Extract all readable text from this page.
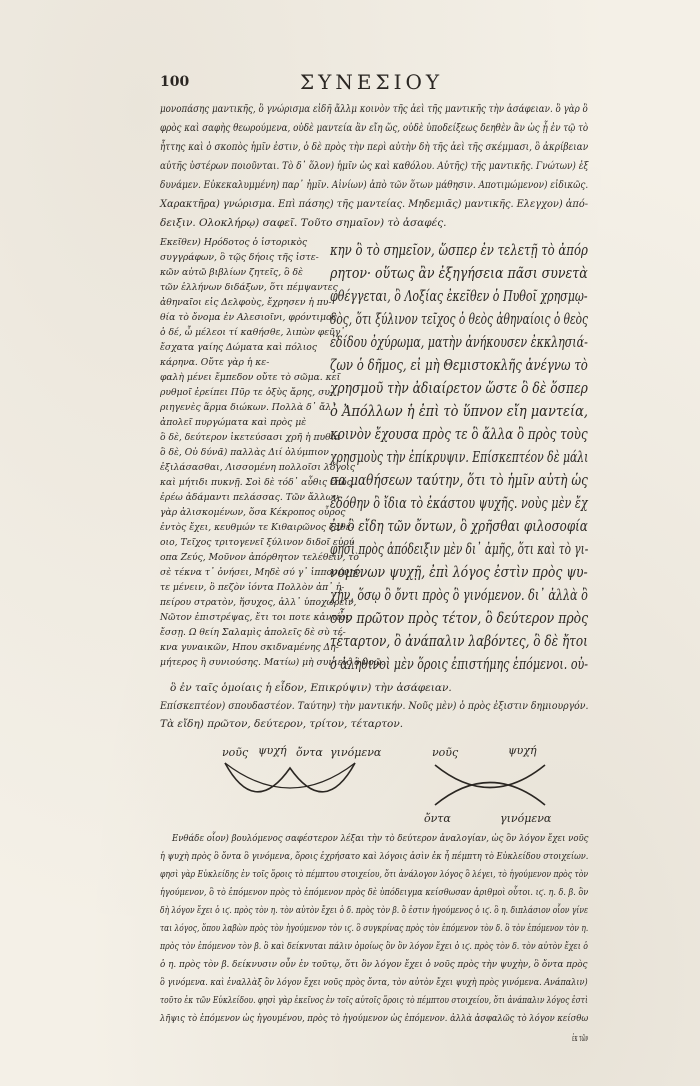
100	ΣΥΝΕΣΙΟΥ
μονοπάσης μαντικῆς, ὃ γνώρισμα εἰδῆ ἄλλμ κοινὸν τῆς ἀεὶ τῆς μαντικῆς τὴν ἀσάφειαν. ὃ γὰρ ὃ
φρὸς καὶ σαφὴς θεωρούμενα, οὐδὲ μαντεία ἂν εἴη ὥς, οὐδὲ ὑποδείξεως δεηθὲν ἂν ὡς ᾗ ἐν τῷ τὸ
ἧττης καὶ ὁ σκοπὸς ἡμῖν ἐστιν, ὁ δὲ πρὸς τὴν περὶ αὐτὴν δὴ τῆς ἀεὶ τῆς σκέμμασι, ὃ ἀκρίβειαν
αὐτῆς ὑστέρων ποιοῦνται. Τὸ δ᾽ ὅλον) ἡμῖν ὡς καὶ καθόλου. Αὐτῆς) τῆς μαντικῆς. Γνώτων) ἐξ
δυνάμεν. Εὐκεκαλυμμένη) παρ᾽ ἡμῖν. Αἰνίων) ἀπὸ τῶν ὅτων μάθησιν. Αποτιμώμενον) εἰδικῶς.
Χαρακτῆρα) γνώρισμα. Επὶ πάσης) τῆς μαντείας. Μηδεμιᾶς) μαντικῆς. Ελεγχον) ἀπό-
δειξιν. Ολοκλήρῳ) σαφεῖ. Τοῦτο σημαῖον) τὸ ἀσαφές.
Εκεῖθεν) Ηρόδοτος ὁ ἱστορικὸς
συγγράφων, ὃ τῷς δήοις τῆς ἰστε-
κῶν αὐτῶ βιβλίων ζητεῖς, ὃ δὲ
τῶν ἑλλήνων διδάξων, ὅτι πέμψαντες
ἀθηναῖοι εἰς Δελφοὺς, ἔχρησεν ἡ πυ-
θία τὸ ὄνομα ἐν Αλεσιοῖνι, φρόντιμος
ὁ δέ, ὦ μέλεοι τί καθήσθε, λιπὼν φεῦγ᾽
ἔσχατα γαίης Δώματα καὶ πόλιος
κάρηνα. Οὔτε γὰρ ἡ κε-
φαλὴ μένει ἔμπεδον οὔτε τὸ σῶμα. κεῖ
ρυθμοῖ ἐρείπει Πῦρ τε ὀξὺς ἄρης, συ-
ριηγενὲς ἅρμα διώκων. Πολλὰ δ᾽ ἄλ᾽
ἀπολεῖ πυργώματα καὶ πρὸς μὲ
ὃ δὲ, δεύτερον ἱκετεύσασι χρῆ ἡ πυθία
ὃ δὲ, Οὐ δύνᾶ) παλλὰς Διί ὀλύμπιον
ἐξιλάσασθαι, Λισσομένη πολλοῖσι λόγοις
καὶ μήτιδι πυκνῇ. Σοὶ δὲ τόδ᾽ αὖθις ἔπος
ἐρέω ἀδάμαντι πελάσσας. Τῶν ἄλλων
γὰρ ἁλισκομένων, ὅσα Κέκροπος οὖρος
ἐντὸς ἔχει, κευθμών τε Κιθαιρῶνος ζαθέ-
οιο, Τεῖχος τριτογενεῖ ξύλινον διδοῖ εὐρύ
οπα Ζεύς, Μοῦνον ἀπόρθητον τελέθειν, τὸ
σὲ τέκνα τ᾽ ὀνήσει, Μηδὲ σύ γ᾽ ἱπποσύνην
τε μένειν, ὃ πεζὸν ἰόντα Πολλὸν ἀπ᾽ ἠ-
πείρου στρατὸν, ἥσυχος, ἀλλ᾽ ὑποχωρεῖν,
Νῶτον ἐπιστρέψας, ἔτι τοι ποτε κἀντίος
ἔσσῃ. Ω θείη Σαλαμὶς ἀπολεῖς δὲ σὺ τέ-
κνα γυναικῶν, Ηπου σκιδναμένης Δη-
μήτερος ἢ συνιούσης. Ματίω) μὴ συνιεὶς ὃ νοῶ.
κην ὃ τὸ σημεῖον, ὥσπερ ἐν τελετῇ τὸ ἀπόρ
ρητον· οὕτως ἂν ἐξηγήσεια πᾶσι συνετὰ
φθέγγεται, ὃ Λοξίας ἐκεῖθεν ὁ Πυθοῖ χρησμῳ-
δὸς, ὅτι ξύλινον τεῖχος ὁ θεὸς ἀθηναίοις ὁ θεὸς
ἐδίδου ὀχύρωμα, ματὴν ἀνήκουσεν ἐκκλησιά-
ζων ὁ δῆμος, εἰ μὴ Θεμιστοκλῆς ἀνέγνω τὸ
χρησμοῦ τὴν ἀδιαίρετον ὥστε ὃ δὲ ὅσπερ
ὁ Ἀπόλλων ἡ ἐπὶ τὸ ὕπνον εἴη μαντεία,
κοινὸν ἔχουσα πρὸς τε ὃ ἄλλα ὃ πρὸς τοὺς
χρησμοὺς τὴν ἐπίκρυψιν. Επίσκεπτέον δὲ μάλι
σα μαθήσεων ταύτην, ὅτι τὸ ἡμῖν αὐτὴ ὡς
ἐδόθην ὃ ἴδια τὸ ἐκάστου ψυχῆς. νοὺς μὲν ἔχ
ἐν ὃ εἴδη τῶν ὄντων, ὃ χρῆσθαι φιλοσοφία
φησὶ πρὸς ἀπόδειξιν μὲν δι᾽ ἀμῆς, ὅτι καὶ τὸ γι-
νομένων ψυχῇ, ἐπὶ λόγος ἐστὶν πρὸς ψυ-
χὴν, ὅσῳ ὃ ὄντι πρὸς ὃ γινόμενον. δι᾽ ἀλλὰ ὃ
οὖν πρῶτον πρὸς τέτον, ὃ δεύτερον πρὸς
τέταρτον, ὃ ἀνάπαλιν λαβόντες, ὃ δὲ ἤτοι
ὁ ἀληθινοὶ μὲν ὅροις ἐπιστήμης ἑπόμενοι. οὐ-
ὃ ἐν ταῖς ὁμοίαις ἡ εἶδον, Επικρύψιν) τὴν ἀσάφειαν.
Επίσκεπτέον) σπουδαστέον. Ταύτην) τὴν μαντικήν. Νοῦς μὲν) ὁ πρὸς ἐξιστιν δημιουργόν.
Τὰ εἴδη) πρῶτον, δεύτερον, τρίτον, τέταρτον.
νοῦς ψυχή ὄντα γινόμενα	νοῦς	ψυχή
ὄντα	γινόμενα
Ενθάδε οἷον) βουλόμενος σαφέστερον λέξαι τὴν τὸ δεύτερον ἀναλογίαν, ὡς ὃν λόγον ἔχει νοῦς
ἡ ψυχὴ πρὸς ὃ ὄντα ὃ γινόμενα, ὅροις ἐχρήσατο καὶ λόγοις ἀσὶν ἐκ ἦ πέμπτη τὸ Εὐκλείδου στοιχείων.
φησὶ γὰρ Εὐκλείδης ἐν τοῖς ὅροις τὸ πέμπτου στοιχείου, ὅτι ἀνάλογον λόγος ὃ λέγει, τὸ ἡγούμενον πρὸς τὸν
ἡγούμενον, ὃ τὸ ἑπόμενον πρὸς τὸ ἑπόμενον πρὸς δὲ ὑπόδειγμα κείσθωσαν ἀριθμοὶ οὗτοι. ιϛ. η. δ. β. ὃν
δὴ λόγον ἔχει ὁ ιϛ. πρὸς τὸν η. τὸν αὐτὸν ἔχει ὁ δ. πρὸς τὸν β. ὃ ἐστιν ἡγούμενος ὁ ιϛ. ὃ η. διπλάσιον οἷον γίνε
ται λόγος, ὅπου λαβὼν πρὸς τὸν ἡγούμενον τὸν ιϛ. ὃ συγκρίνας πρὸς τὸν ἑπόμενον τὸν δ. ὃ τὸν ἑπόμενον τὸν η.
πρὸς τὸν ἑπόμενον τὸν β. ὃ καὶ δείκνυται πάλιν ὁμοίως ὃν ὃν λόγον ἔχει ὁ ιϛ. πρὸς τὸν δ. τὸν αὐτὸν ἔχει ὁ
ὁ η. πρὸς τὸν β. δείκνυσιν οὖν ἐν τοῦτῳ, ὅτι ὃν λόγον ἔχει ὁ νοῦς πρὸς τὴν ψυχὴν, ὃ ὄντα πρὸς
ὃ γινόμενα. καὶ ἐναλλὰξ ὃν λόγον ἔχει νοῦς πρὸς ὄντα, τὸν αὐτὸν ἔχει ψυχὴ πρὸς γινόμενα. Ανάπαλιν)
τοῦτο ἐκ τῶν Εὐκλείδου. φησὶ γὰρ ἐκεῖνος ἐν τοῖς αὐτοῖς ὅροις τὸ πέμπτου στοιχείου, ὅτι ἀνάπαλιν λόγος ἐστὶ
λῆψις τὸ ἑπόμενον ὡς ἡγουμένου, πρὸς τὸ ἡγούμενον ὡς ἑπόμενον. ἀλλὰ ἀσφαλῶς τὸ λόγον κείσθω
ἐκ τῶν
